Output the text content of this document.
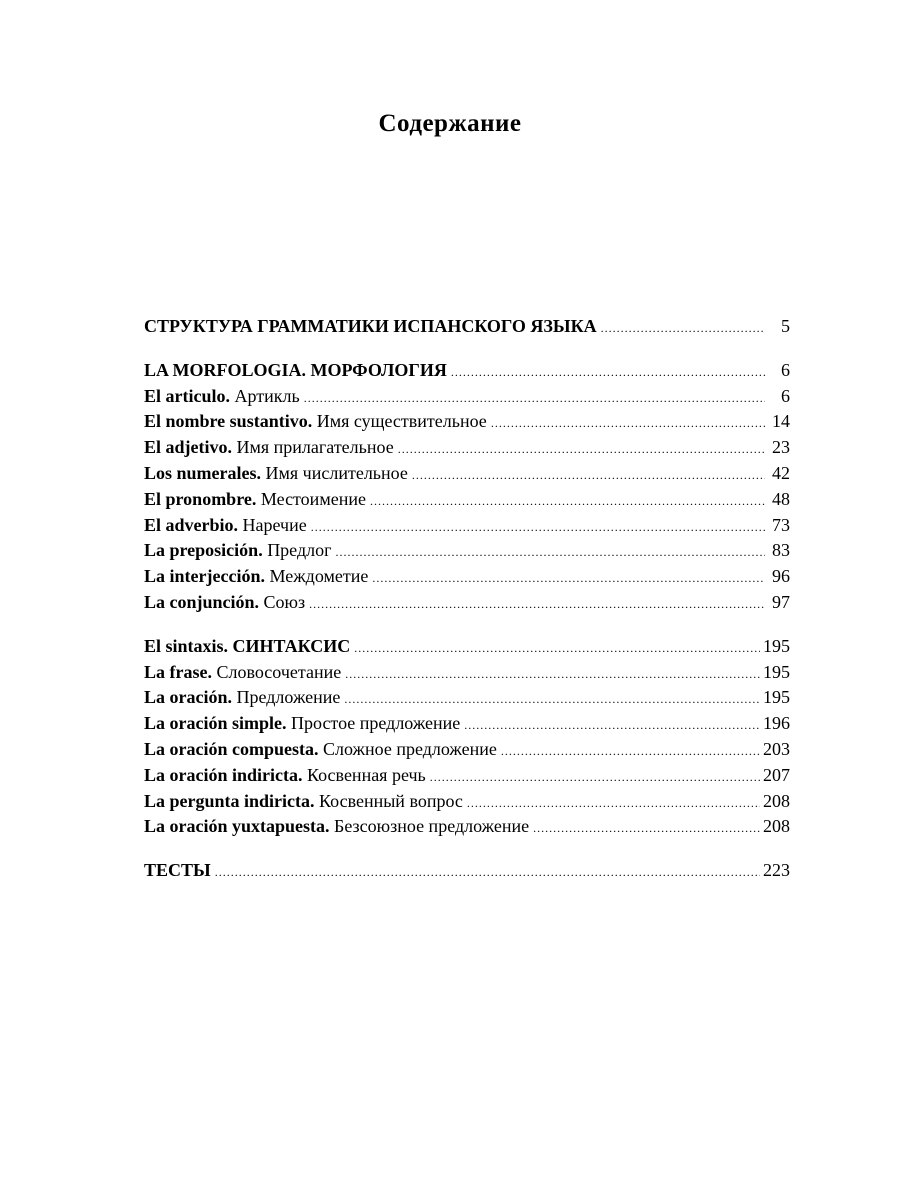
Содержание
СТРУКТУРА ГРАММАТИКИ ИСПАНСКОГО ЯЗЫКА .....	5
LA MORFOLOGIA. МОРФОЛОГИЯ .....	6
El articulo. Артикль .....	6
El nombre sustantivo. Имя существительное .....	14
El adjetivo. Имя прилагательное .....	23
Los numerales. Имя числительное .....	42
El pronombre. Местоимение .....	48
El adverbio. Наречие .....	73
La preposición. Предлог .....	83
La interjección. Междометие .....	96
La conjunción. Союз .....	97
El sintaxis. СИНТАКСИС .....	195
La frase. Словосочетание .....	195
La oración. Предложение .....	195
La oración simple. Простое предложение .....	196
La oración compuesta. Сложное предложение .....	203
La oración indiricta. Косвенная речь .....	207
La pergunta indiricta. Косвенный вопрос .....	208
La oración yuxtapuesta. Безсоюзное предложение .....	208
ТЕСТЫ .....	223
